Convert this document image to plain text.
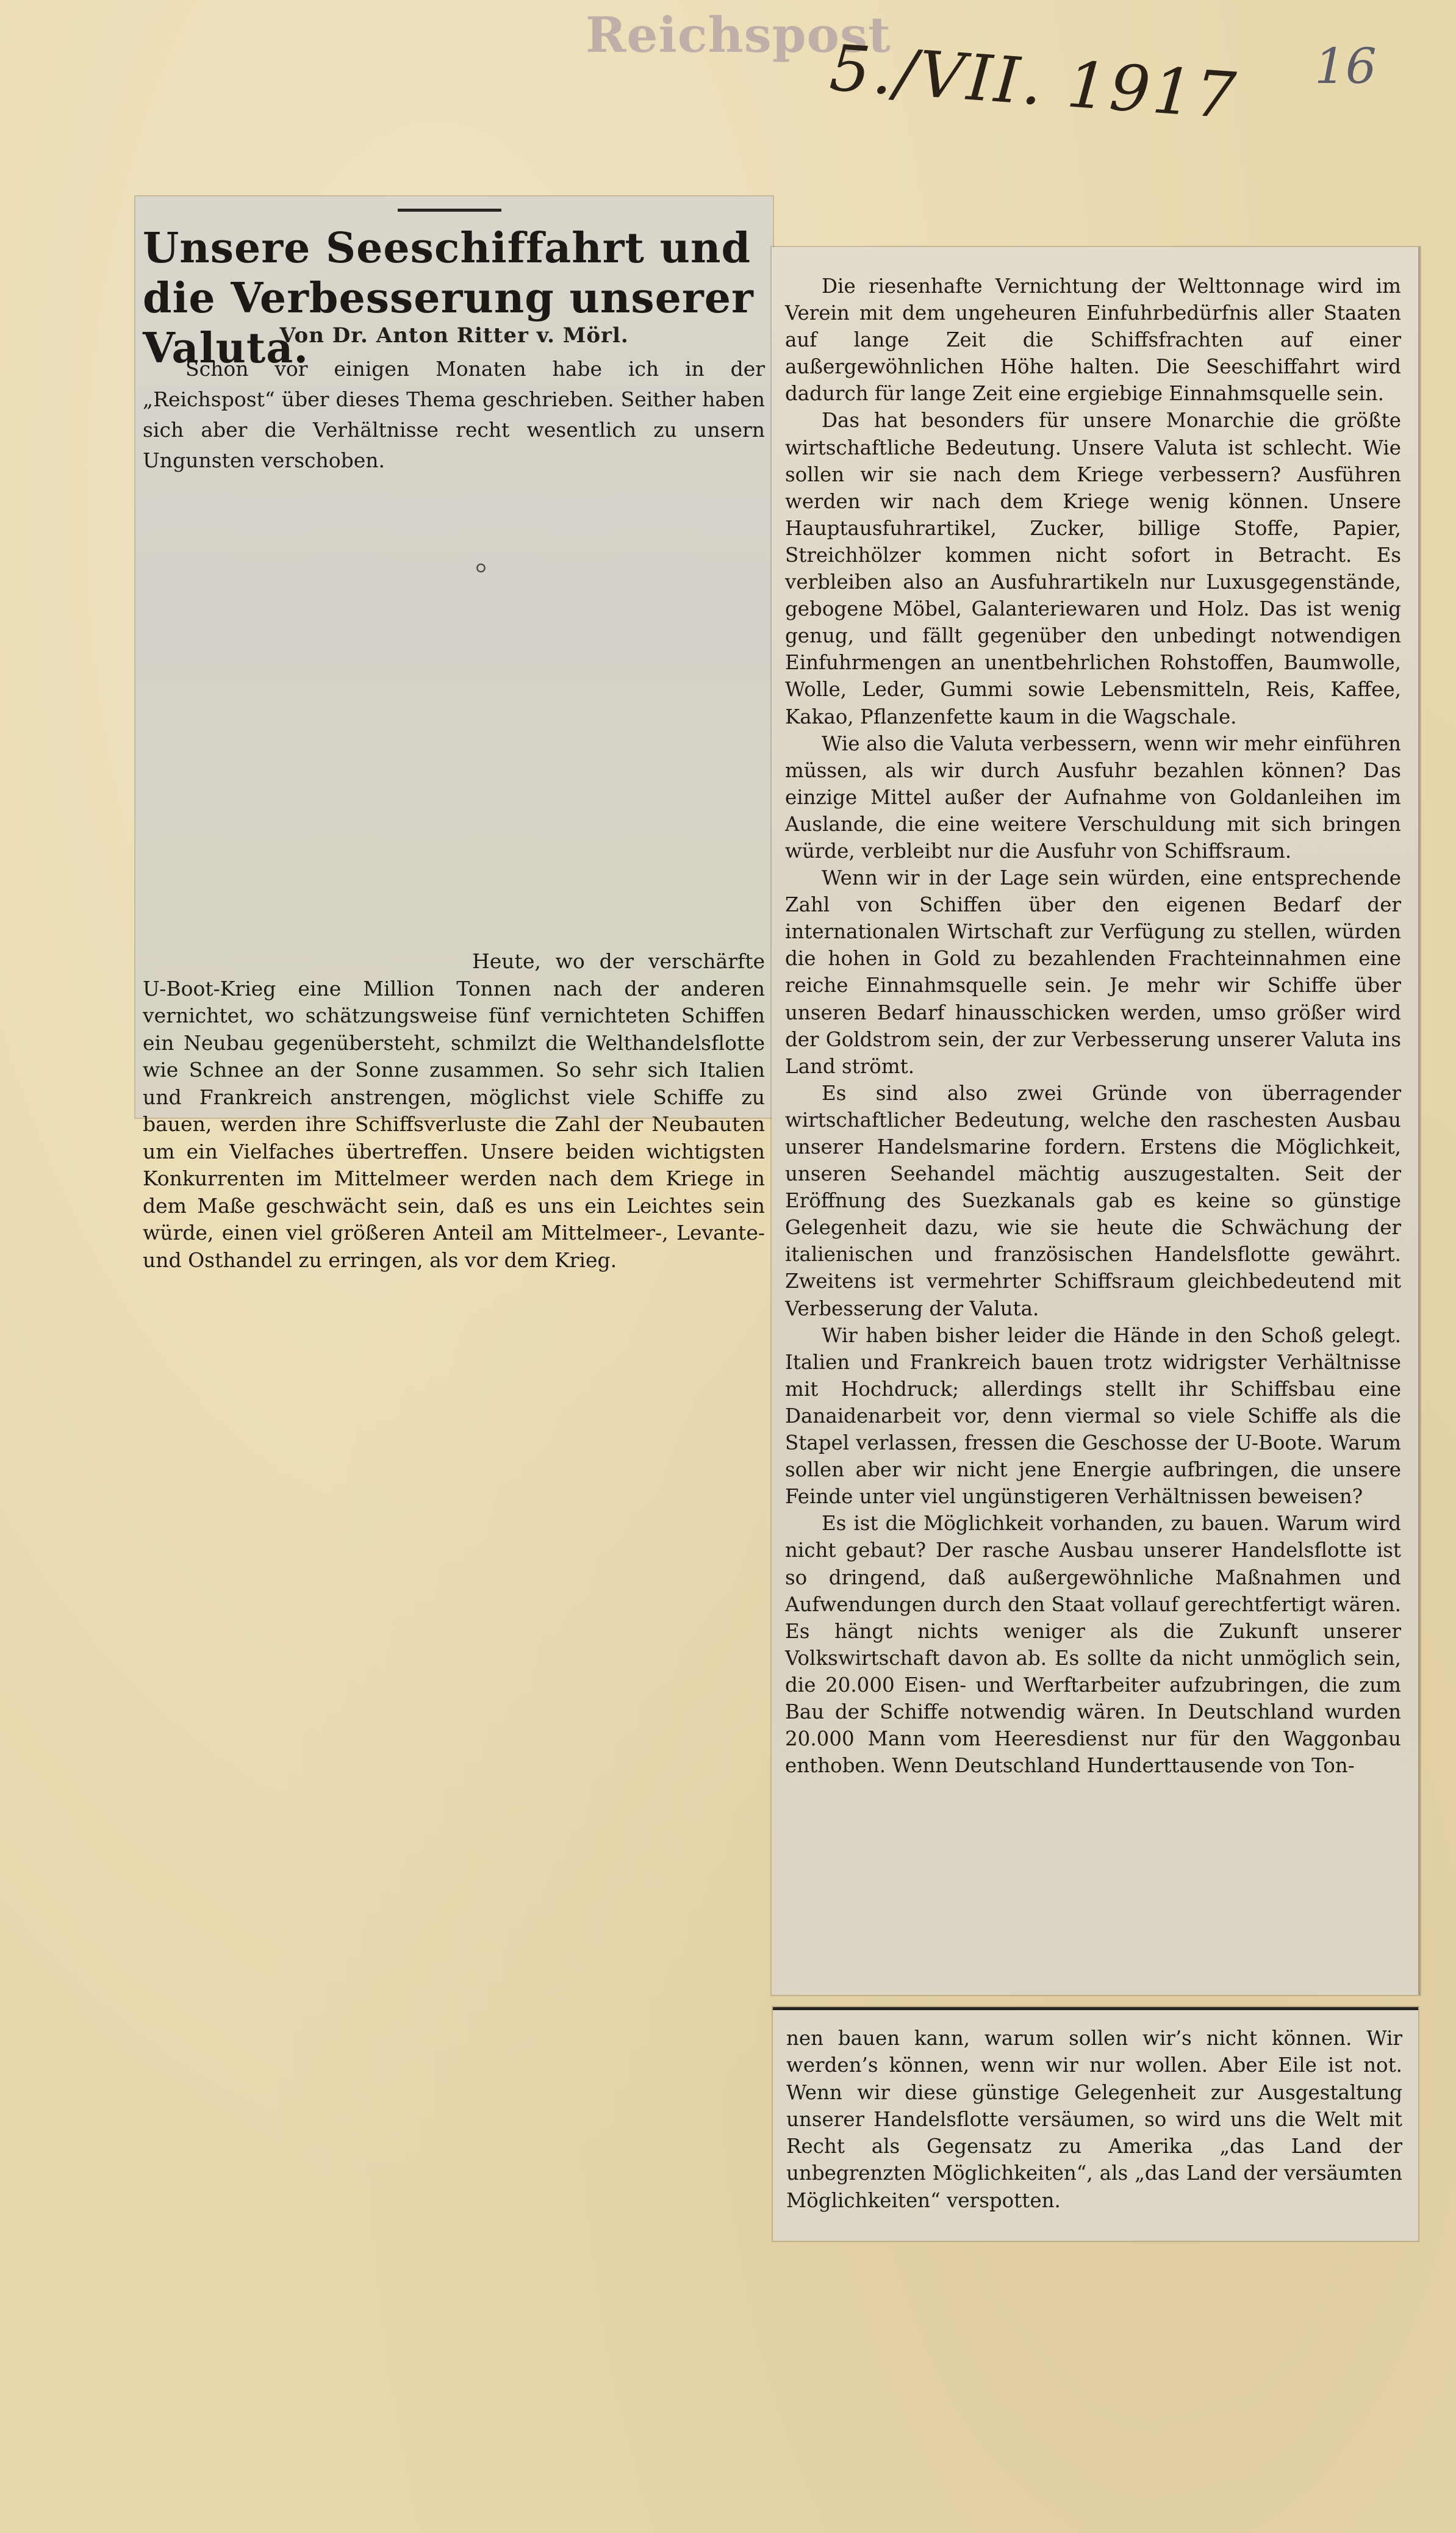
Reichspost
5./VII. 1917 16
Unsere Seeschiffahrt und die Verbesserung unserer Valuta.
Von Dr. Anton Ritter v. Mörl.
Schon vor einigen Monaten habe ich in der „Reichspost“ über dieses Thema geschrieben. Seither haben sich aber die Verhältnisse recht wesentlich zu unsern Ungunsten verschoben.
⸰
Heute, wo der verschärfte U-Boot-Krieg eine Million Tonnen nach der anderen vernichtet, wo schätzungsweise fünf vernichteten Schiffen ein Neubau gegenübersteht, schmilzt die Welthandelsflotte wie Schnee an der Sonne zusammen. So sehr sich Italien und Frankreich anstrengen, möglichst viele Schiffe zu bauen, werden ihre Schiffsverluste die Zahl der Neubauten um ein Vielfaches übertreffen. Unsere beiden wichtigsten Konkurrenten im Mittelmeer werden nach dem Kriege in dem Maße geschwächt sein, daß es uns ein Leichtes sein würde, einen viel größeren Anteil am Mittelmeer-, Levante- und Osthandel zu erringen, als vor dem Krieg.

Die riesenhafte Vernichtung der Welttonnage wird im Verein mit dem ungeheuren Einfuhrbedürfnis aller Staaten auf lange Zeit die Schiffsfrachten auf einer außergewöhnlichen Höhe halten. Die Seeschiffahrt wird dadurch für lange Zeit eine ergiebige Einnahmsquelle sein.

Das hat besonders für unsere Monarchie die größte wirtschaftliche Bedeutung. Unsere Valuta ist schlecht. Wie sollen wir sie nach dem Kriege verbessern? Ausführen werden wir nach dem Kriege wenig können. Unsere Hauptausfuhrartikel, Zucker, billige Stoffe, Papier, Streichhölzer kommen nicht sofort in Betracht. Es verbleiben also an Ausfuhrartikeln nur Luxusgegenstände, gebogene Möbel, Galanteriewaren und Holz. Das ist wenig genug, und fällt gegenüber den unbedingt notwendigen Einfuhrmengen an unentbehrlichen Rohstoffen, Baumwolle, Wolle, Leder, Gummi sowie Lebensmitteln, Reis, Kaffee, Kakao, Pflanzenfette kaum in die Wagschale.

Wie also die Valuta verbessern, wenn wir mehr einführen müssen, als wir durch Ausfuhr bezahlen können? Das einzige Mittel außer der Aufnahme von Goldanleihen im Auslande, die eine weitere Verschuldung mit sich bringen würde, verbleibt nur die Ausfuhr von Schiffsraum.

Wenn wir in der Lage sein würden, eine entsprechende Zahl von Schiffen über den eigenen Bedarf der internationalen Wirtschaft zur Verfügung zu stellen, würden die hohen in Gold zu bezahlenden Frachteinnahmen eine reiche Einnahmsquelle sein. Je mehr wir Schiffe über unseren Bedarf hinausschicken werden, umso größer wird der Goldstrom sein, der zur Verbesserung unserer Valuta ins Land strömt.

Es sind also zwei Gründe von überragender wirtschaftlicher Bedeutung, welche den raschesten Ausbau unserer Handelsmarine fordern. Erstens die Möglichkeit, unseren Seehandel mächtig auszugestalten. Seit der Eröffnung des Suezkanals gab es keine so günstige Gelegenheit dazu, wie sie heute die Schwächung der italienischen und französischen Handelsflotte gewährt. Zweitens ist vermehrter Schiffsraum gleichbedeutend mit Verbesserung der Valuta.

Wir haben bisher leider die Hände in den Schoß gelegt. Italien und Frankreich bauen trotz widrigster Verhältnisse mit Hochdruck; allerdings stellt ihr Schiffsbau eine Danaidenarbeit vor, denn viermal so viele Schiffe als die Stapel verlassen, fressen die Geschosse der U-Boote. Warum sollen aber wir nicht jene Energie aufbringen, die unsere Feinde unter viel ungünstigeren Verhältnissen beweisen?

Es ist die Möglichkeit vorhanden, zu bauen. Warum wird nicht gebaut? Der rasche Ausbau unserer Handelsflotte ist so dringend, daß außergewöhnliche Maßnahmen und Aufwendungen durch den Staat vollauf gerechtfertigt wären. Es hängt nichts weniger als die Zukunft unserer Volkswirtschaft davon ab. Es sollte da nicht unmöglich sein, die 20.000 Eisen- und Werftarbeiter aufzubringen, die zum Bau der Schiffe notwendig wären. In Deutschland wurden 20.000 Mann vom Heeresdienst nur für den Waggonbau enthoben. Wenn Deutschland Hunderttausende von Ton-

nen bauen kann, warum sollen wir’s nicht können. Wir werden’s können, wenn wir nur wollen. Aber Eile ist not. Wenn wir diese günstige Gelegenheit zur Ausgestaltung unserer Handelsflotte versäumen, so wird uns die Welt mit Recht als Gegensatz zu Amerika „das Land der unbegrenzten Möglichkeiten“, als „das Land der versäumten Möglichkeiten“ verspotten.
